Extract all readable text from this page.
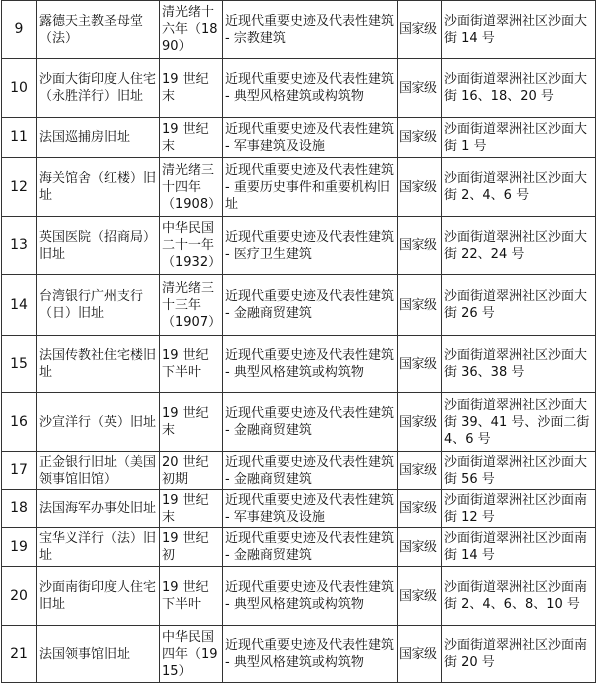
9	露德天主教圣母堂（法）	清光绪十六年（1890）	近现代重要史迹及代表性建筑 - 宗教建筑	国家级	沙面街道翠洲社区沙面大街 14 号
10	沙面大街印度人住宅（永胜洋行）旧址	19 世纪末	近现代重要史迹及代表性建筑 - 典型风格建筑或构筑物	国家级	沙面街道翠洲社区沙面大街 16、18、20 号
11	法国巡捕房旧址	19 世纪末	近现代重要史迹及代表性建筑 - 军事建筑及设施	国家级	沙面街道翠洲社区沙面大街 1 号
12	海关馆舍（红楼）旧址	清光绪三十四年（1908）	近现代重要史迹及代表性建筑 - 重要历史事件和重要机构旧址	国家级	沙面街道翠洲社区沙面大街 2、4、6 号
13	英国医院（招商局）旧址	中华民国二十一年（1932）	近现代重要史迹及代表性建筑 - 医疗卫生建筑	国家级	沙面街道翠洲社区沙面大街 22、24 号
14	台湾银行广州支行（日）旧址	清光绪三十三年（1907）	近现代重要史迹及代表性建筑 - 金融商贸建筑	国家级	沙面街道翠洲社区沙面大街 26 号
15	法国传教社住宅楼旧址	19 世纪下半叶	近现代重要史迹及代表性建筑 - 典型风格建筑或构筑物	国家级	沙面街道翠洲社区沙面大街 36、38 号
16	沙宣洋行（英）旧址	19 世纪末	近现代重要史迹及代表性建筑 - 金融商贸建筑	国家级	沙面街道翠洲社区沙面大街 39、41 号、沙面二街 4、6 号
17	正金银行旧址（美国领事馆旧馆）	20 世纪初期	近现代重要史迹及代表性建筑 - 金融商贸建筑	国家级	沙面街道翠洲社区沙面大街 56 号
18	法国海军办事处旧址	19 世纪末	近现代重要史迹及代表性建筑 - 军事建筑及设施	国家级	沙面街道翠洲社区沙面南街 12 号
19	宝华义洋行（法）旧址	19 世纪初	近现代重要史迹及代表性建筑 - 金融商贸建筑	国家级	沙面街道翠洲社区沙面南街 14 号
20	沙面南街印度人住宅 旧址	19 世纪下半叶	近现代重要史迹及代表性建筑 - 典型风格建筑或构筑物	国家级	沙面街道翠洲社区沙面南街 2、4、6、8、10 号
21	法国领事馆旧址	中华民国四年（1915）	近现代重要史迹及代表性建筑 - 典型风格建筑或构筑物	国家级	沙面街道翠洲社区沙面南街 20 号
